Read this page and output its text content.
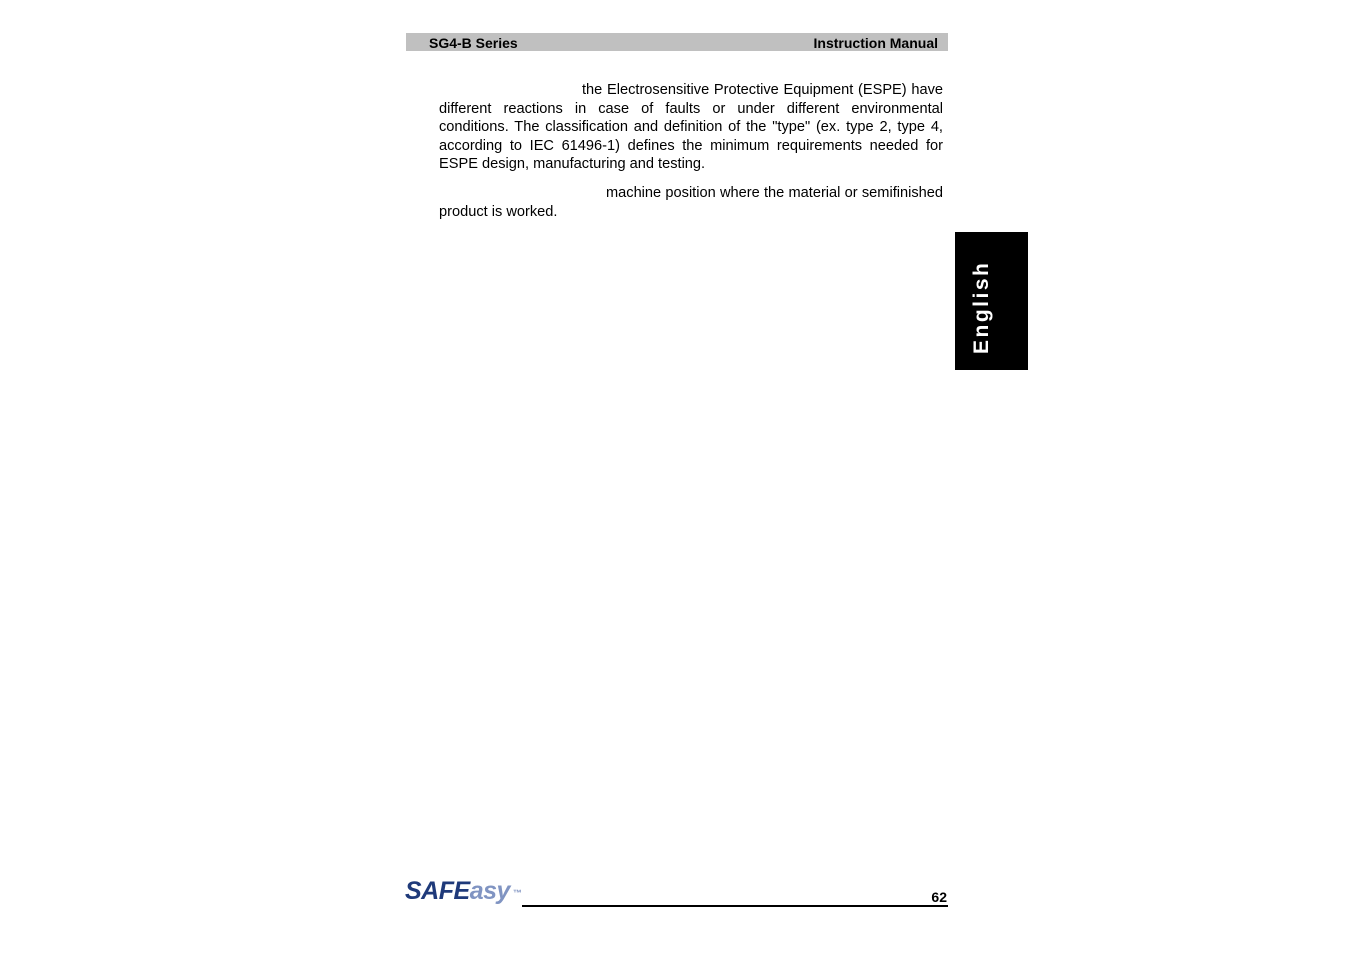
SG4-B Series	Instruction Manual

the Electrosensitive Protective Equipment (ESPE) have different reactions in case of faults or under different environmental conditions. The classification and definition of the "type" (ex. type 2, type 4, according to IEC 61496-1) defines the minimum requirements needed for ESPE design, manufacturing and testing.

machine position where the material or semifinished product is worked.

English
SAFEasy ™	62
